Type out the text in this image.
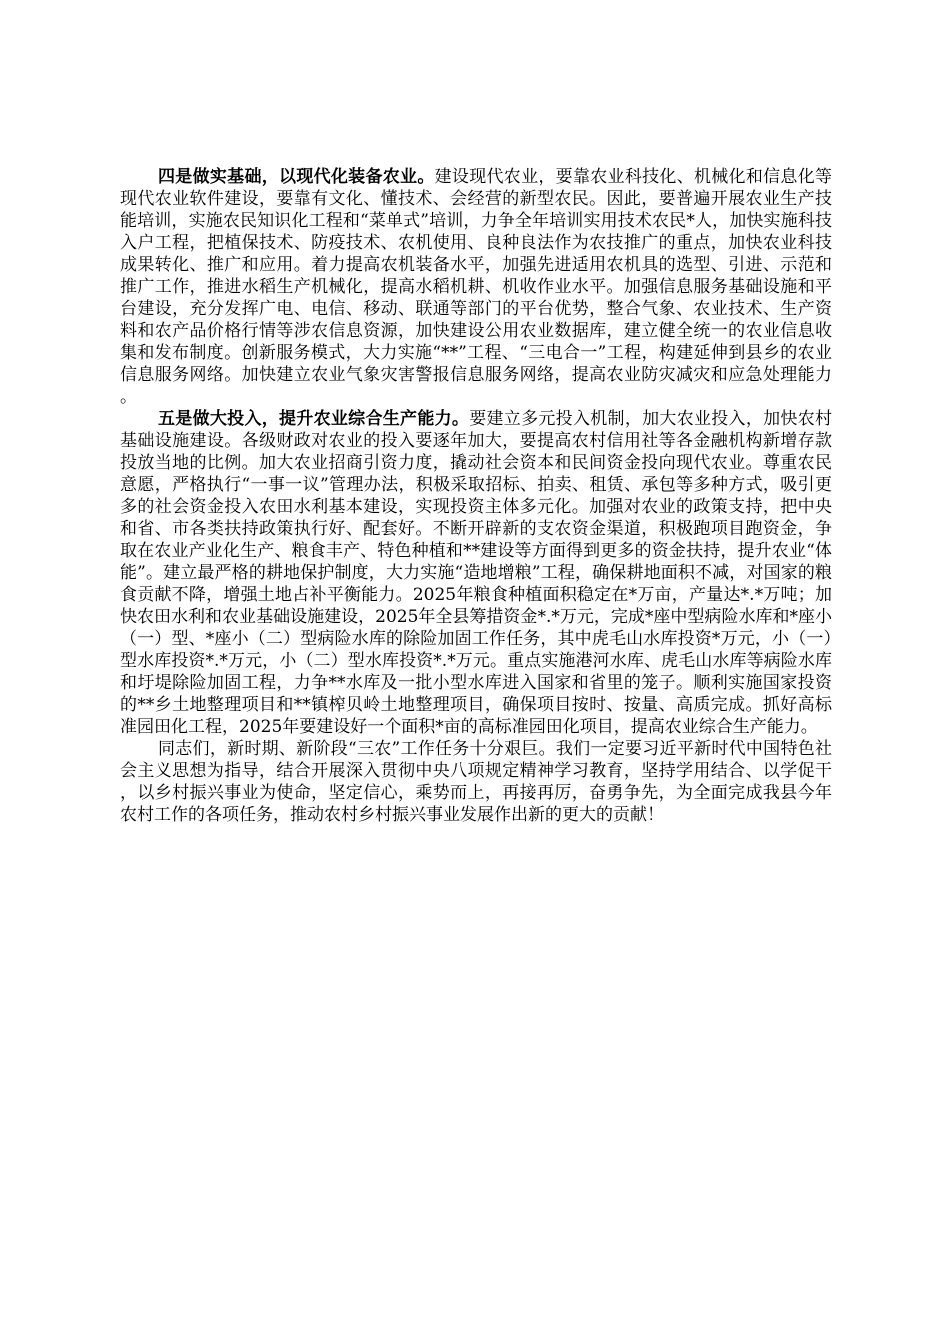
四是做实基础，以现代化装备农业。建设现代农业，要靠农业科技化、机械化和信息化等现代农业软件建设，要靠有文化、懂技术、会经营的新型农民。因此，要普遍开展农业生产技能培训，实施农民知识化工程和“菜单式”培训，力争全年培训实用技术农民*人，加快实施科技入户工程，把植保技术、防疫技术、农机使用、良种良法作为农技推广的重点，加快农业科技成果转化、推广和应用。着力提高农机装备水平，加强先进适用农机具的选型、引进、示范和推广工作，推进水稻生产机械化，提高水稻机耕、机收作业水平。加强信息服务基础设施和平台建设，充分发挥广电、电信、移动、联通等部门的平台优势，整合气象、农业技术、生产资料和农产品价格行情等涉农信息资源，加快建设公用农业数据库，建立健全统一的农业信息收集和发布制度。创新服务模式，大力实施“**”工程、“三电合一”工程，构建延伸到县乡的农业信息服务网络。加快建立农业气象灾害警报信息服务网络，提高农业防灾减灾和应急处理能力。

五是做大投入，提升农业综合生产能力。要建立多元投入机制，加大农业投入，加快农村基础设施建设。各级财政对农业的投入要逐年加大，要提高农村信用社等各金融机构新增存款投放当地的比例。加大农业招商引资力度，撬动社会资本和民间资金投向现代农业。尊重农民意愿，严格执行“一事一议”管理办法，积极采取招标、拍卖、租赁、承包等多种方式，吸引更多的社会资金投入农田水利基本建设，实现投资主体多元化。加强对农业的政策支持，把中央和省、市各类扶持政策执行好、配套好。不断开辟新的支农资金渠道，积极跑项目跑资金，争取在农业产业化生产、粮食丰产、特色种植和**建设等方面得到更多的资金扶持，提升农业“体能”。建立最严格的耕地保护制度，大力实施“造地增粮”工程，确保耕地面积不减，对国家的粮食贡献不降，增强土地占补平衡能力。2025年粮食种植面积稳定在*万亩，产量达*.*万吨；加快农田水利和农业基础设施建设，2025年全县筹措资金*.*万元，完成*座中型病险水库和*座小（一）型、*座小（二）型病险水库的除险加固工作任务，其中虎毛山水库投资*万元，小（一）型水库投资*.*万元，小（二）型水库投资*.*万元。重点实施港河水库、虎毛山水库等病险水库和圩堤除险加固工程，力争**水库及一批小型水库进入国家和省里的笼子。顺利实施国家投资的**乡土地整理项目和**镇榨贝岭土地整理项目，确保项目按时、按量、高质完成。抓好高标准园田化工程，2025年要建设好一个面积*亩的高标准园田化项目，提高农业综合生产能力。

同志们，新时期、新阶段“三农”工作任务十分艰巨。我们一定要习近平新时代中国特色社会主义思想为指导，结合开展深入贯彻中央八项规定精神学习教育，坚持学用结合、以学促干，以乡村振兴事业为使命，坚定信心，乘势而上，再接再厉，奋勇争先，为全面完成我县今年农村工作的各项任务，推动农村乡村振兴事业发展作出新的更大的贡献！
